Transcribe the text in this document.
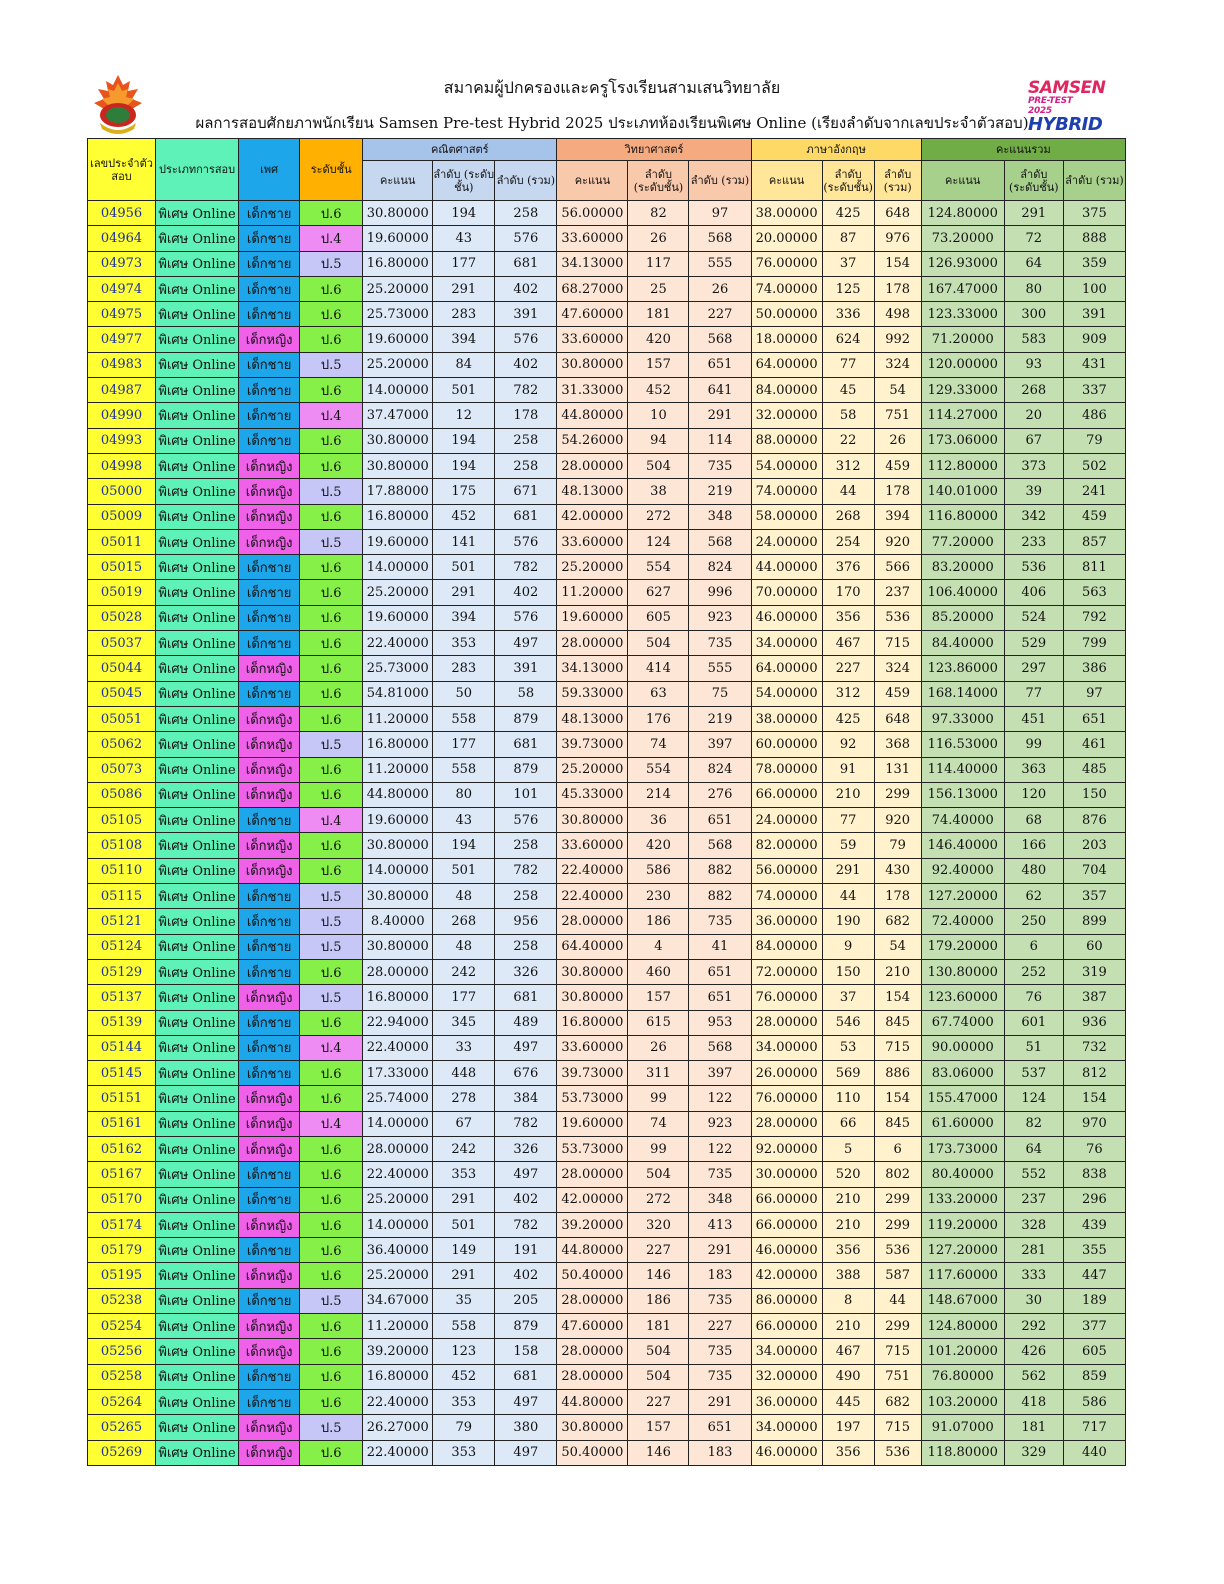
สมาคมผู้ปกครองและครูโรงเรียนสามเสนวิทยาลัย
ผลการสอบศักยภาพนักเรียน Samsen Pre-test Hybrid 2025 ประเภทห้องเรียนพิเศษ Online (เรียงลำดับจากเลขประจำตัวสอบ)
SAMSEN
PRE-TEST 2025
HYBRID
เลขประจำตัวสอบ	ประเภทการสอบ	เพศ	ระดับชั้น	คณิตศาสตร์			วิทยาศาสตร์			ภาษาอังกฤษ			คะแนนรวม		
				คะแนน	ลำดับ (ระดับชั้น)	ลำดับ (รวม)	คะแนน	ลำดับ (ระดับชั้น)	ลำดับ (รวม)	คะแนน	ลำดับ (ระดับชั้น)	ลำดับ (รวม)	คะแนน	ลำดับ (ระดับชั้น)	ลำดับ (รวม)
04956	พิเศษ Online	เด็กชาย	ป.6	30.80000	194	258	56.00000	82	97	38.00000	425	648	124.80000	291	375
04964	พิเศษ Online	เด็กชาย	ป.4	19.60000	43	576	33.60000	26	568	20.00000	87	976	73.20000	72	888
04973	พิเศษ Online	เด็กชาย	ป.5	16.80000	177	681	34.13000	117	555	76.00000	37	154	126.93000	64	359
04974	พิเศษ Online	เด็กชาย	ป.6	25.20000	291	402	68.27000	25	26	74.00000	125	178	167.47000	80	100
04975	พิเศษ Online	เด็กชาย	ป.6	25.73000	283	391	47.60000	181	227	50.00000	336	498	123.33000	300	391
04977	พิเศษ Online	เด็กหญิง	ป.6	19.60000	394	576	33.60000	420	568	18.00000	624	992	71.20000	583	909
04983	พิเศษ Online	เด็กชาย	ป.5	25.20000	84	402	30.80000	157	651	64.00000	77	324	120.00000	93	431
04987	พิเศษ Online	เด็กชาย	ป.6	14.00000	501	782	31.33000	452	641	84.00000	45	54	129.33000	268	337
04990	พิเศษ Online	เด็กชาย	ป.4	37.47000	12	178	44.80000	10	291	32.00000	58	751	114.27000	20	486
04993	พิเศษ Online	เด็กชาย	ป.6	30.80000	194	258	54.26000	94	114	88.00000	22	26	173.06000	67	79
04998	พิเศษ Online	เด็กหญิง	ป.6	30.80000	194	258	28.00000	504	735	54.00000	312	459	112.80000	373	502
05000	พิเศษ Online	เด็กหญิง	ป.5	17.88000	175	671	48.13000	38	219	74.00000	44	178	140.01000	39	241
05009	พิเศษ Online	เด็กหญิง	ป.6	16.80000	452	681	42.00000	272	348	58.00000	268	394	116.80000	342	459
05011	พิเศษ Online	เด็กหญิง	ป.5	19.60000	141	576	33.60000	124	568	24.00000	254	920	77.20000	233	857
05015	พิเศษ Online	เด็กชาย	ป.6	14.00000	501	782	25.20000	554	824	44.00000	376	566	83.20000	536	811
05019	พิเศษ Online	เด็กชาย	ป.6	25.20000	291	402	11.20000	627	996	70.00000	170	237	106.40000	406	563
05028	พิเศษ Online	เด็กชาย	ป.6	19.60000	394	576	19.60000	605	923	46.00000	356	536	85.20000	524	792
05037	พิเศษ Online	เด็กชาย	ป.6	22.40000	353	497	28.00000	504	735	34.00000	467	715	84.40000	529	799
05044	พิเศษ Online	เด็กหญิง	ป.6	25.73000	283	391	34.13000	414	555	64.00000	227	324	123.86000	297	386
05045	พิเศษ Online	เด็กชาย	ป.6	54.81000	50	58	59.33000	63	75	54.00000	312	459	168.14000	77	97
05051	พิเศษ Online	เด็กหญิง	ป.6	11.20000	558	879	48.13000	176	219	38.00000	425	648	97.33000	451	651
05062	พิเศษ Online	เด็กหญิง	ป.5	16.80000	177	681	39.73000	74	397	60.00000	92	368	116.53000	99	461
05073	พิเศษ Online	เด็กหญิง	ป.6	11.20000	558	879	25.20000	554	824	78.00000	91	131	114.40000	363	485
05086	พิเศษ Online	เด็กหญิง	ป.6	44.80000	80	101	45.33000	214	276	66.00000	210	299	156.13000	120	150
05105	พิเศษ Online	เด็กชาย	ป.4	19.60000	43	576	30.80000	36	651	24.00000	77	920	74.40000	68	876
05108	พิเศษ Online	เด็กหญิง	ป.6	30.80000	194	258	33.60000	420	568	82.00000	59	79	146.40000	166	203
05110	พิเศษ Online	เด็กหญิง	ป.6	14.00000	501	782	22.40000	586	882	56.00000	291	430	92.40000	480	704
05115	พิเศษ Online	เด็กชาย	ป.5	30.80000	48	258	22.40000	230	882	74.00000	44	178	127.20000	62	357
05121	พิเศษ Online	เด็กชาย	ป.5	8.40000	268	956	28.00000	186	735	36.00000	190	682	72.40000	250	899
05124	พิเศษ Online	เด็กชาย	ป.5	30.80000	48	258	64.40000	4	41	84.00000	9	54	179.20000	6	60
05129	พิเศษ Online	เด็กชาย	ป.6	28.00000	242	326	30.80000	460	651	72.00000	150	210	130.80000	252	319
05137	พิเศษ Online	เด็กหญิง	ป.5	16.80000	177	681	30.80000	157	651	76.00000	37	154	123.60000	76	387
05139	พิเศษ Online	เด็กชาย	ป.6	22.94000	345	489	16.80000	615	953	28.00000	546	845	67.74000	601	936
05144	พิเศษ Online	เด็กชาย	ป.4	22.40000	33	497	33.60000	26	568	34.00000	53	715	90.00000	51	732
05145	พิเศษ Online	เด็กชาย	ป.6	17.33000	448	676	39.73000	311	397	26.00000	569	886	83.06000	537	812
05151	พิเศษ Online	เด็กหญิง	ป.6	25.74000	278	384	53.73000	99	122	76.00000	110	154	155.47000	124	154
05161	พิเศษ Online	เด็กหญิง	ป.4	14.00000	67	782	19.60000	74	923	28.00000	66	845	61.60000	82	970
05162	พิเศษ Online	เด็กหญิง	ป.6	28.00000	242	326	53.73000	99	122	92.00000	5	6	173.73000	64	76
05167	พิเศษ Online	เด็กชาย	ป.6	22.40000	353	497	28.00000	504	735	30.00000	520	802	80.40000	552	838
05170	พิเศษ Online	เด็กชาย	ป.6	25.20000	291	402	42.00000	272	348	66.00000	210	299	133.20000	237	296
05174	พิเศษ Online	เด็กหญิง	ป.6	14.00000	501	782	39.20000	320	413	66.00000	210	299	119.20000	328	439
05179	พิเศษ Online	เด็กชาย	ป.6	36.40000	149	191	44.80000	227	291	46.00000	356	536	127.20000	281	355
05195	พิเศษ Online	เด็กหญิง	ป.6	25.20000	291	402	50.40000	146	183	42.00000	388	587	117.60000	333	447
05238	พิเศษ Online	เด็กชาย	ป.5	34.67000	35	205	28.00000	186	735	86.00000	8	44	148.67000	30	189
05254	พิเศษ Online	เด็กหญิง	ป.6	11.20000	558	879	47.60000	181	227	66.00000	210	299	124.80000	292	377
05256	พิเศษ Online	เด็กหญิง	ป.6	39.20000	123	158	28.00000	504	735	34.00000	467	715	101.20000	426	605
05258	พิเศษ Online	เด็กชาย	ป.6	16.80000	452	681	28.00000	504	735	32.00000	490	751	76.80000	562	859
05264	พิเศษ Online	เด็กชาย	ป.6	22.40000	353	497	44.80000	227	291	36.00000	445	682	103.20000	418	586
05265	พิเศษ Online	เด็กหญิง	ป.5	26.27000	79	380	30.80000	157	651	34.00000	197	715	91.07000	181	717
05269	พิเศษ Online	เด็กหญิง	ป.6	22.40000	353	497	50.40000	146	183	46.00000	356	536	118.80000	329	440
